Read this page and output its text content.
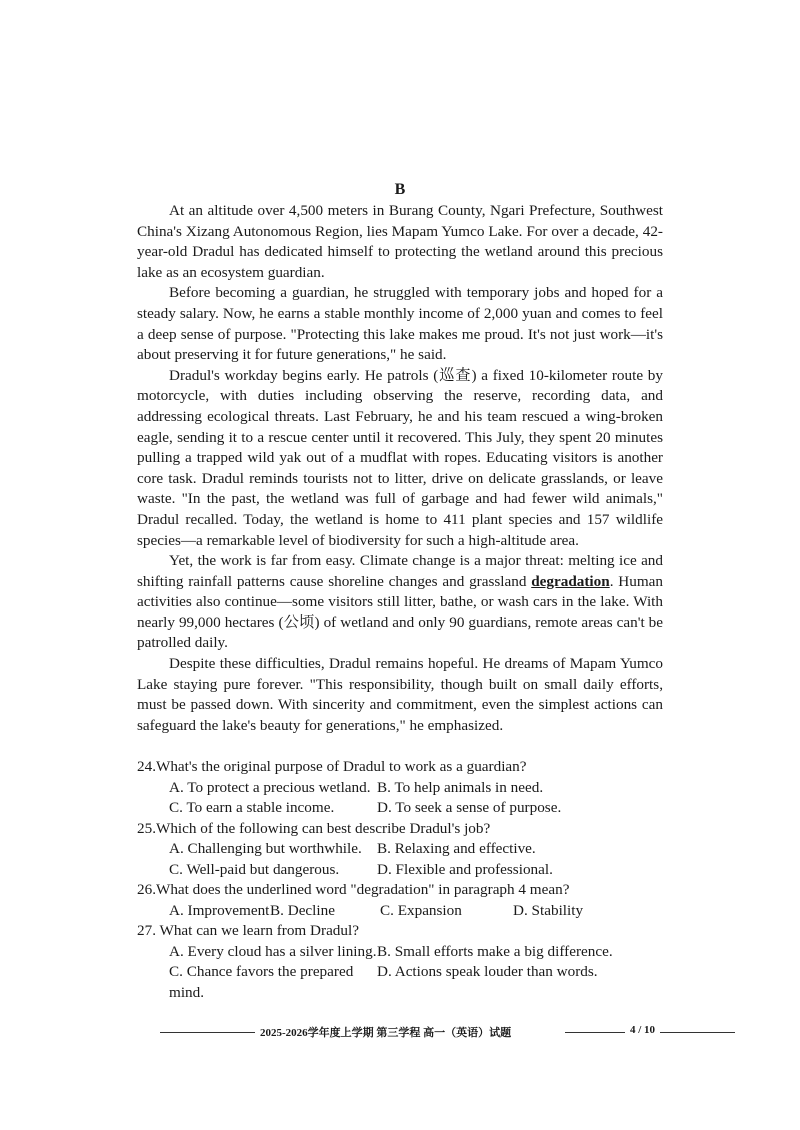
B

At an altitude over 4,500 meters in Burang County, Ngari Prefecture, Southwest China's Xizang Autonomous Region, lies Mapam Yumco Lake. For over a decade, 42-year-old Dradul has dedicated himself to protecting the wetland around this precious lake as an ecosystem guardian.

Before becoming a guardian, he struggled with temporary jobs and hoped for a steady salary. Now, he earns a stable monthly income of 2,000 yuan and comes to feel a deep sense of purpose. "Protecting this lake makes me proud. It's not just work—it's about preserving it for future generations," he said.

Dradul's workday begins early. He patrols (巡查) a fixed 10-kilometer route by motorcycle, with duties including observing the reserve, recording data, and addressing ecological threats. Last February, he and his team rescued a wing-broken eagle, sending it to a rescue center until it recovered. This July, they spent 20 minutes pulling a trapped wild yak out of a mudflat with ropes. Educating visitors is another core task. Dradul reminds tourists not to litter, drive on delicate grasslands, or leave waste. "In the past, the wetland was full of garbage and had fewer wild animals," Dradul recalled. Today, the wetland is home to 411 plant species and 157 wildlife species—a remarkable level of biodiversity for such a high-altitude area.

Yet, the work is far from easy. Climate change is a major threat: melting ice and shifting rainfall patterns cause shoreline changes and grassland degradation. Human activities also continue—some visitors still litter, bathe, or wash cars in the lake. With nearly 99,000 hectares (公顷) of wetland and only 90 guardians, remote areas can't be patrolled daily.

Despite these difficulties, Dradul remains hopeful. He dreams of Mapam Yumco Lake staying pure forever. "This responsibility, though built on small daily efforts, must be passed down. With sincerity and commitment, even the simplest actions can safeguard the lake's beauty for generations," he emphasized.

24.What's the original purpose of Dradul to work as a guardian?

A. To protect a precious wetland. B. To help animals in need.
C. To earn a stable income.	D. To seek a sense of purpose.

25.Which of the following can best describe Dradul's job?

A. Challenging but worthwhile.	B. Relaxing and effective.
C. Well-paid but dangerous.	D. Flexible and professional.

26.What does the underlined word "degradation" in paragraph 4 mean?

A. Improvement B. Decline	C. Expansion	D. Stability

27. What can we learn from Dradul?

A. Every cloud has a silver lining. B. Small efforts make a big difference.
C. Chance favors the prepared mind.
D. Actions speak louder than words.
2025-2026学年度上学期 第三学程 高一（英语）试题	4 / 10
